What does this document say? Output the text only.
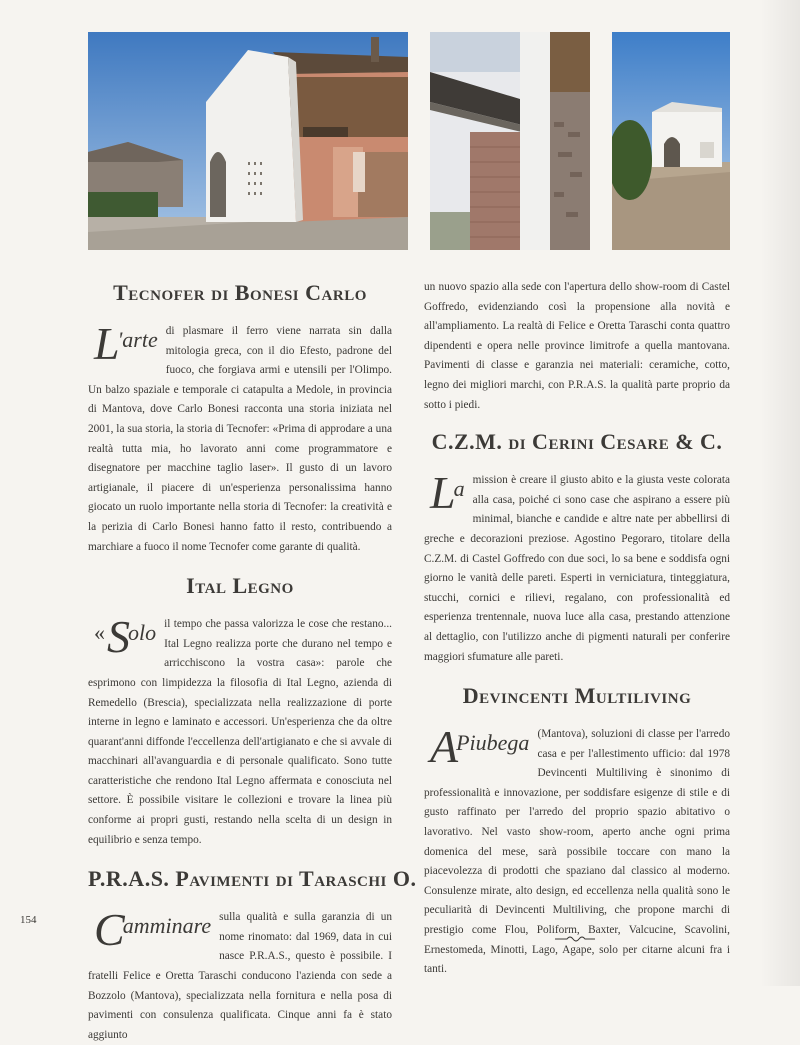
Tecnofer di Bonesi Carlo

L'arte di plasmare il ferro viene narrata sin dalla mitologia greca, con il dio Efesto, padrone del fuoco, che forgiava armi e utensili per l'Olimpo. Un balzo spaziale e temporale ci catapulta a Medole, in provincia di Mantova, dove Carlo Bonesi racconta una storia iniziata nel 2001, la sua storia, la storia di Tecnofer: «Prima di approdare a una realtà tutta mia, ho lavorato anni come programmatore e disegnatore per macchine taglio laser». Il gusto di un lavoro artigianale, il piacere di un'esperienza personalissima hanno giocato un ruolo importante nella storia di Tecnofer: la creatività e la perizia di Carlo Bonesi hanno fatto il resto, contribuendo a marchiare a fuoco il nome Tecnofer come garante di qualità.

Ital Legno

«Solo il tempo che passa valorizza le cose che restano... Ital Legno realizza porte che durano nel tempo e arricchiscono la vostra casa»: parole che esprimono con limpidezza la filosofia di Ital Legno, azienda di Remedello (Brescia), specializzata nella realizzazione di porte interne in legno e laminato e accessori. Un'esperienza che da oltre quarant'anni diffonde l'eccellenza dell'artigianato e che si avvale di macchinari all'avanguardia e di personale qualificato. Sono tutte caratteristiche che rendono Ital Legno affermata e conosciuta nel settore. È possibile visitare le collezioni e trovare la linea più conforme ai propri gusti, restando nella scelta di un design in equilibrio e senza tempo.

P.R.A.S. Pavimenti di Taraschi O.

Camminare sulla qualità e sulla garanzia di un nome rinomato: dal 1969, data in cui nasce P.R.A.S., questo è possibile. I fratelli Felice e Oretta Taraschi conducono l'azienda con sede a Bozzolo (Mantova), specializzata nella fornitura e nella posa di pavimenti con consulenza qualificata. Cinque anni fa è stato aggiunto

un nuovo spazio alla sede con l'apertura dello show-room di Castel Goffredo, evidenziando così la propensione alla novità e all'ampliamento. La realtà di Felice e Oretta Taraschi conta quattro dipendenti e opera nelle province limitrofe a quella mantovana. Pavimenti di classe e garanzia nei materiali: ceramiche, cotto, legno dei migliori marchi, con P.R.A.S. la qualità parte proprio da sotto i piedi.

C.Z.M. di Cerini Cesare & C.

La mission è creare il giusto abito e la giusta veste colorata alla casa, poiché ci sono case che aspirano a essere più minimal, bianche e candide e altre nate per abbellirsi di greche e decorazioni preziose. Agostino Pegoraro, titolare della C.Z.M. di Castel Goffredo con due soci, lo sa bene e soddisfa ogni giorno le vanità delle pareti. Esperti in verniciatura, tinteggiatura, stucchi, cornici e rilievi, regalano, con professionalità ed esperienza trentennale, nuova luce alla casa, prestando attenzione al dettaglio, con l'utilizzo anche di pigmenti naturali per conferire maggiori sfumature alle pareti.

Devincenti Multiliving

APiubega (Mantova), soluzioni di classe per l'arredo casa e per l'allestimento ufficio: dal 1978 Devincenti Multiliving è sinonimo di professionalità e innovazione, per soddisfare esigenze di stile e di gusto raffinato per l'arredo del proprio spazio abitativo o lavorativo. Nel vasto show-room, aperto anche ogni prima domenica del mese, sarà possibile toccare con mano la piacevolezza di prodotti che spaziano dal classico al moderno. Consulenze mirate, alto design, ed eccellenza nella qualità sono le peculiarità di Devincenti Multiliving, che propone marchi di prestigio come Flou, Poliform, Baxter, Valcucine, Scavolini, Ernestomeda, Minotti, Lago, Agape, solo per citarne alcuni fra i tanti.

154
